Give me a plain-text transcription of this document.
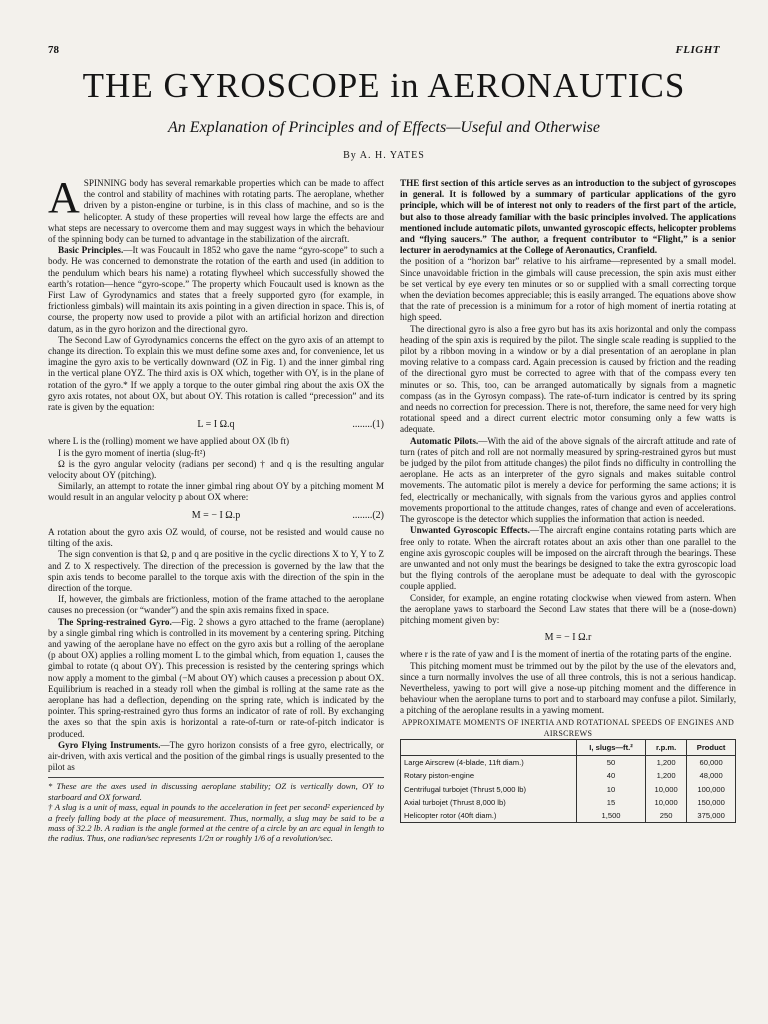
78	FLIGHT
THE GYROSCOPE in AERONAUTICS
An Explanation of Principles and of Effects—Useful and Otherwise
By A. H. YATES

ASPINNING body has several remarkable properties which can be made to affect the control and stability of machines with rotating parts. The aeroplane, whether driven by a piston-engine or turbine, is in this class of machine, and so is the helicopter. A study of these properties will reveal how large the effects are and what steps are necessary to overcome them and may suggest ways in which the behaviour of the spinning body can be turned to advantage in the stabilization of the aircraft.

Basic Principles.—It was Foucault in 1852 who gave the name “gyro-scope” to such a body. He was concerned to demonstrate the rotation of the earth and used (in addition to the pendulum which bears his name) a rotating flywheel which successfully showed the earth’s rotation—hence “gyro-scope.” The property which Foucault used is known as the First Law of Gyrodynamics and states that a freely supported gyro (for example, in frictionless gimbals) will maintain its axis pointing in a given direction in space. This is, of course, the property now used to provide a pilot with an artificial horizon and direction datum, as in the gyro horizon and the directional gyro.

The Second Law of Gyrodynamics concerns the effect on the gyro axis of an attempt to change its direction. To explain this we must define some axes and, for convenience, let us imagine the gyro axis to be vertically downward (OZ in Fig. 1) and the inner gimbal ring in the vertical plane OYZ. The third axis is OX which, together with OY, is in the plane of rotation of the gyro.* If we apply a torque to the outer gimbal ring about the axis OX the gyro axis rotates, not about OX, but about OY. This rotation is called “precession” and its rate is given by the equation:

L = I Ω.q	........(1)

where L is the (rolling) moment we have applied about OX (lb ft)

I is the gyro moment of inertia (slug-ft²)

Ω is the gyro angular velocity (radians per second) † and q is the resulting angular velocity about OY (pitching).

Similarly, an attempt to rotate the inner gimbal ring about OY by a pitching moment M would result in an angular velocity p about OX where:

M = − I Ω.p	........(2)

A rotation about the gyro axis OZ would, of course, not be resisted and would cause no tilting of the axis.

The sign convention is that Ω, p and q are positive in the cyclic directions X to Y, Y to Z and Z to X respectively. The direction of the precession is governed by the law that the spin axis tends to become parallel to the torque axis with the direction of the spin in the direction of the torque.

If, however, the gimbals are frictionless, motion of the frame attached to the aeroplane causes no precession (or “wander”) and the spin axis remains fixed in space.

The Spring-restrained Gyro.—Fig. 2 shows a gyro attached to the frame (aeroplane) by a single gimbal ring which is controlled in its movement by a centering spring. Pitching and yawing of the aeroplane have no effect on the gyro axis but a rolling of the aeroplane (p about OX) applies a rolling moment L to the gimbal which, from equation 1, causes the gimbal to rotate (q about OY). This precession is resisted by the centering springs which now apply a moment to the gimbal (−M about OY) which causes a precession p about OX. Equilibrium is reached in a steady roll when the gimbal is rolling at the same rate as the aeroplane has had a deflection, depending on the spring rate, which is indicated by the pointer. This spring-restrained gyro thus forms an indicator of rate of roll. By exchanging the axes so that the spin axis is horizontal a rate-of-turn or rate-of-pitch indicator is produced.

Gyro Flying Instruments.—The gyro horizon consists of a free gyro, electrically, or air-driven, with axis vertical and the position of the gimbal rings is usually presented to the pilot as

* These are the axes used in discussing aeroplane stability; OZ is vertically down, OY to starboard and OX forward.

† A slug is a unit of mass, equal in pounds to the acceleration in feet per second² experienced by a freely falling body at the place of measurement. Thus, normally, a slug may be said to be a mass of 32.2 lb. A radian is the angle formed at the centre of a circle by an arc equal in length to the radius. Thus, one radian/sec represents 1/2π or roughly 1/6 of a revolution/sec.

THE first section of this article serves as an introduction to the subject of gyroscopes in general. It is followed by a summary of particular applications of the gyro principle, which will be of interest not only to readers of the first part of the article, but also to those already familiar with the basic principles involved. The applications mentioned include automatic pilots, unwanted gyroscopic effects, helicopter problems and “flying saucers.” The author, a frequent contributor to “Flight,” is a senior lecturer in aerodynamics at the College of Aeronautics, Cranfield.

the position of a “horizon bar” relative to his airframe—represented by a small model. Since unavoidable friction in the gimbals will cause precession, the spin axis must either be set vertical by eye every ten minutes or so or supplied with a small correcting torque when the deviation becomes appreciable; this is easily arranged. The equations above show that the rate of precession is a minimum for a rotor of high moment of inertia rotating at high speed.

The directional gyro is also a free gyro but has its axis horizontal and only the compass heading of the spin axis is required by the pilot. The single scale reading is supplied to the pilot by a ribbon moving in a window or by a dial presentation of an aeroplane in plan moving relative to a compass card. Again precession is caused by friction and the reading of the directional gyro must be corrected to agree with that of the compass every ten minutes or so. This, too, can be arranged automatically by signals from a magnetic compass (as in the Gyrosyn compass). The rate-of-turn indicator is centred by its spring and needs no correction for precession. There is not, therefore, the same need for very high rotational speed and a direct current electric motor consuming only a few watts is adequate.

Automatic Pilots.—With the aid of the above signals of the aircraft attitude and rate of turn (rates of pitch and roll are not normally measured by spring-restrained gyros but must be judged by the pilot from attitude changes) the pilot finds no difficulty in controlling the aeroplane. He acts as an interpreter of the gyro signals and makes suitable control movements. The automatic pilot is merely a device for performing the same actions; it is fed, electrically or mechanically, with signals from the various gyros and applies control movements proportional to the attitude changes, rates of change and even of accelerations. The gyroscope is the detector which supplies the information that action is needed.

Unwanted Gyroscopic Effects.—The aircraft engine contains rotating parts which are free only to rotate. When the aircraft rotates about an axis other than one parallel to the engine axis gyroscopic couples will be imposed on the aircraft through the bearings. These are unwanted and not only must the bearings be designed to take the extra gyroscopic load but the flying controls of the aeroplane must be adequate to deal with the gyroscopic couple applied.

Consider, for example, an engine rotating clockwise when viewed from astern. When the aeroplane yaws to starboard the Second Law states that there will be a (nose-down) pitching moment given by:

M = − I Ω.r

where r is the rate of yaw and I is the moment of inertia of the rotating parts of the engine.

This pitching moment must be trimmed out by the pilot by the use of the elevators and, since a turn normally involves the use of all three controls, this is not a serious handicap. Nevertheless, yawing to port will give a nose-up pitching moment and the difference in behaviour when the aeroplane turns to port and to starboard may confuse a pilot. Similarly, a pitching of the aeroplane results in a yawing moment.

APPROXIMATE MOMENTS OF INERTIA AND ROTATIONAL SPEEDS OF ENGINES AND AIRSCREWS

	I, slugs—ft.²	r.p.m.	Product
Large Airscrew (4-blade, 11ft diam.)	50	1,200	60,000
Rotary piston-engine	40	1,200	48,000
Centrifugal turbojet (Thrust 5,000 lb)	10	10,000	100,000
Axial turbojet (Thrust 8,000 lb)	15	10,000	150,000
Helicopter rotor (40ft diam.)	1,500	250	375,000
